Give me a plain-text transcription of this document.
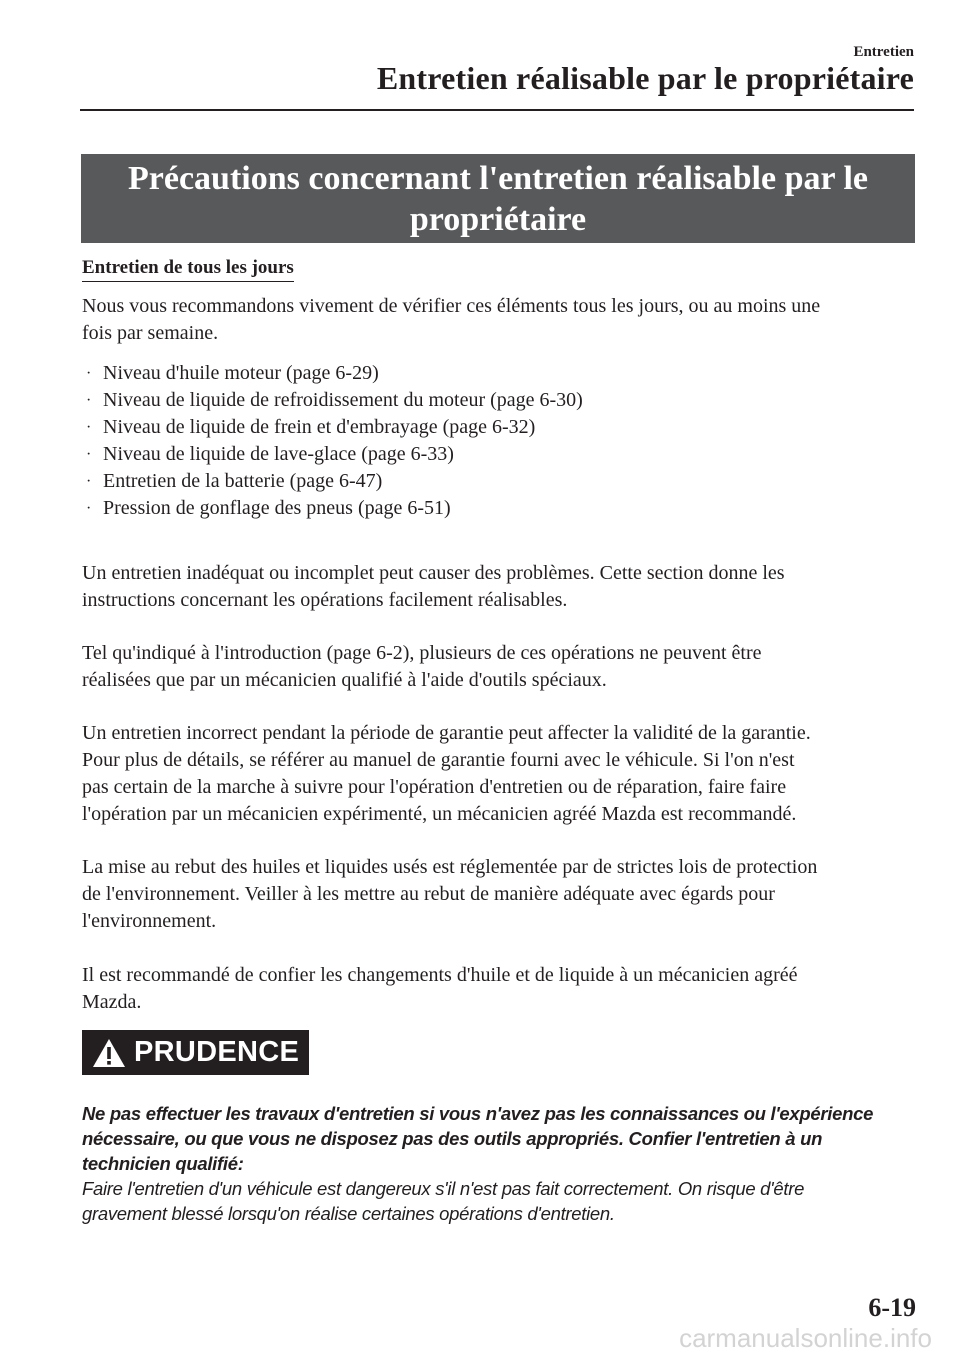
Entretien
Entretien réalisable par le propriétaire
Précautions concernant l'entretien réalisable par le
propriétaire
Entretien de tous les jours
Nous vous recommandons vivement de vérifier ces éléments tous les jours, ou au moins une
fois par semaine.
· Niveau d'huile moteur (page 6-29)
· Niveau de liquide de refroidissement du moteur (page 6-30)
· Niveau de liquide de frein et d'embrayage (page 6-32)
· Niveau de liquide de lave-glace (page 6-33)
· Entretien de la batterie (page 6-47)
· Pression de gonflage des pneus (page 6-51)
Un entretien inadéquat ou incomplet peut causer des problèmes. Cette section donne les
instructions concernant les opérations facilement réalisables.
Tel qu'indiqué à l'introduction (page 6-2), plusieurs de ces opérations ne peuvent être
réalisées que par un mécanicien qualifié à l'aide d'outils spéciaux.
Un entretien incorrect pendant la période de garantie peut affecter la validité de la garantie.
Pour plus de détails, se référer au manuel de garantie fourni avec le véhicule. Si l'on n'est
pas certain de la marche à suivre pour l'opération d'entretien ou de réparation, faire faire
l'opération par un mécanicien expérimenté, un mécanicien agréé Mazda est recommandé.
La mise au rebut des huiles et liquides usés est réglementée par de strictes lois de protection
de l'environnement. Veiller à les mettre au rebut de manière adéquate avec égards pour
l'environnement.
Il est recommandé de confier les changements d'huile et de liquide à un mécanicien agréé
Mazda.
PRUDENCE
Ne pas effectuer les travaux d'entretien si vous n'avez pas les connaissances ou l'expérience
nécessaire, ou que vous ne disposez pas des outils appropriés. Confier l'entretien à un
technicien qualifié:
Faire l'entretien d'un véhicule est dangereux s'il n'est pas fait correctement. On risque d'être
gravement blessé lorsqu'on réalise certaines opérations d'entretien.
6-19
carmanualsonline.info
